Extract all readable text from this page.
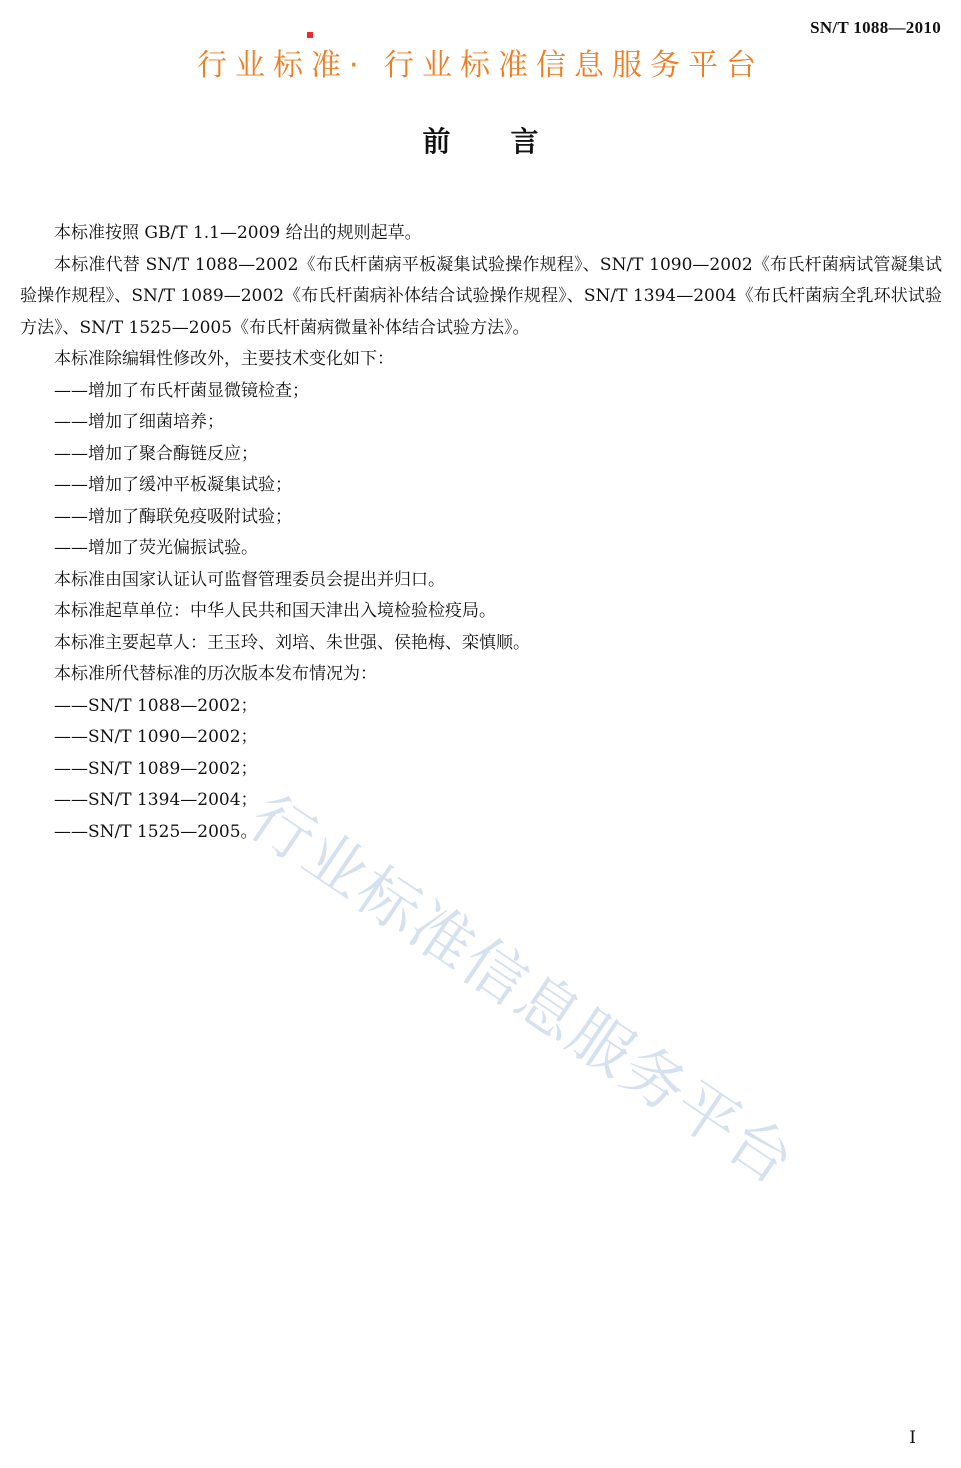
SN/T 1088—2010
行业标准· 行业标准信息服务平台
前言

本标准按照 GB/T 1.1—2009 给出的规则起草。

本标准代替 SN/T 1088—2002《布氏杆菌病平板凝集试验操作规程》、SN/T 1090—2002《布氏杆菌病试管凝集试验操作规程》、SN/T 1089—2002《布氏杆菌病补体结合试验操作规程》、SN/T 1394—2004《布氏杆菌病全乳环状试验方法》、SN/T 1525—2005《布氏杆菌病微量补体结合试验方法》。

本标准除编辑性修改外，主要技术变化如下：

——增加了布氏杆菌显微镜检查；

——增加了细菌培养；

——增加了聚合酶链反应；

——增加了缓冲平板凝集试验；

——增加了酶联免疫吸附试验；

——增加了荧光偏振试验。

本标准由国家认证认可监督管理委员会提出并归口。

本标准起草单位：中华人民共和国天津出入境检验检疫局。

本标准主要起草人：王玉玲、刘培、朱世强、侯艳梅、栾慎顺。

本标准所代替标准的历次版本发布情况为：

——SN/T 1088—2002；

——SN/T 1090—2002；

——SN/T 1089—2002；

——SN/T 1394—2004；

——SN/T 1525—2005。

行业标准信息服务平台
I
